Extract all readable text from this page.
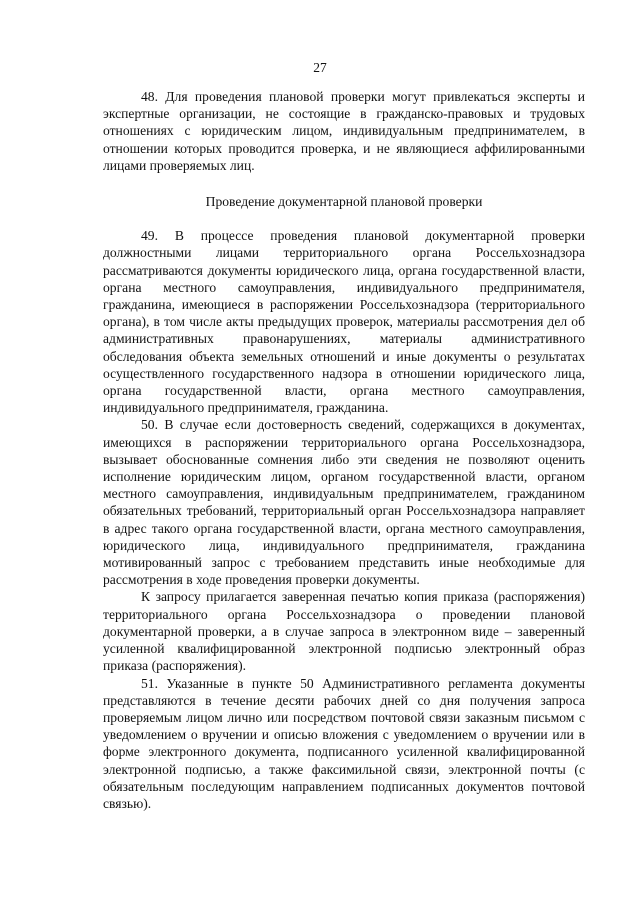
27

48. Для проведения плановой проверки могут привлекаться эксперты и экспертные организации, не состоящие в гражданско-правовых и трудовых отношениях с юридическим лицом, индивидуальным предпринимателем, в отношении которых проводится проверка, и не являющиеся аффилированными лицами проверяемых лиц.

Проведение документарной плановой проверки

49. В процессе проведения плановой документарной проверки должностными лицами территориального органа Россельхознадзора рассматриваются документы юридического лица, органа государственной власти, органа местного самоуправления, индивидуального предпринимателя, гражданина, имеющиеся в распоряжении Россельхознадзора (территориального органа), в том числе акты предыдущих проверок, материалы рассмотрения дел об административных правонарушениях, материалы административного обследования объекта земельных отношений и иные документы о результатах осуществленного государственного надзора в отношении юридического лица, органа государственной власти, органа местного самоуправления, индивидуального предпринимателя, гражданина.

50. В случае если достоверность сведений, содержащихся в документах, имеющихся в распоряжении территориального органа Россельхознадзора, вызывает обоснованные сомнения либо эти сведения не позволяют оценить исполнение юридическим лицом, органом государственной власти, органом местного самоуправления, индивидуальным предпринимателем, гражданином обязательных требований, территориальный орган Россельхознадзора направляет в адрес такого органа государственной власти, органа местного самоуправления, юридического лица, индивидуального предпринимателя, гражданина мотивированный запрос с требованием представить иные необходимые для рассмотрения в ходе проведения проверки документы.

К запросу прилагается заверенная печатью копия приказа (распоряжения) территориального органа Россельхознадзора о проведении плановой документарной проверки, а в случае запроса в электронном виде – заверенный усиленной квалифицированной электронной подписью электронный образ приказа (распоряжения).

51. Указанные в пункте 50 Административного регламента документы представляются в течение десяти рабочих дней со дня получения запроса проверяемым лицом лично или посредством почтовой связи заказным письмом с уведомлением о вручении и описью вложения с уведомлением о вручении или в форме электронного документа, подписанного усиленной квалифицированной электронной подписью, а также факсимильной связи, электронной почты (с обязательным последующим направлением подписанных документов почтовой связью).
